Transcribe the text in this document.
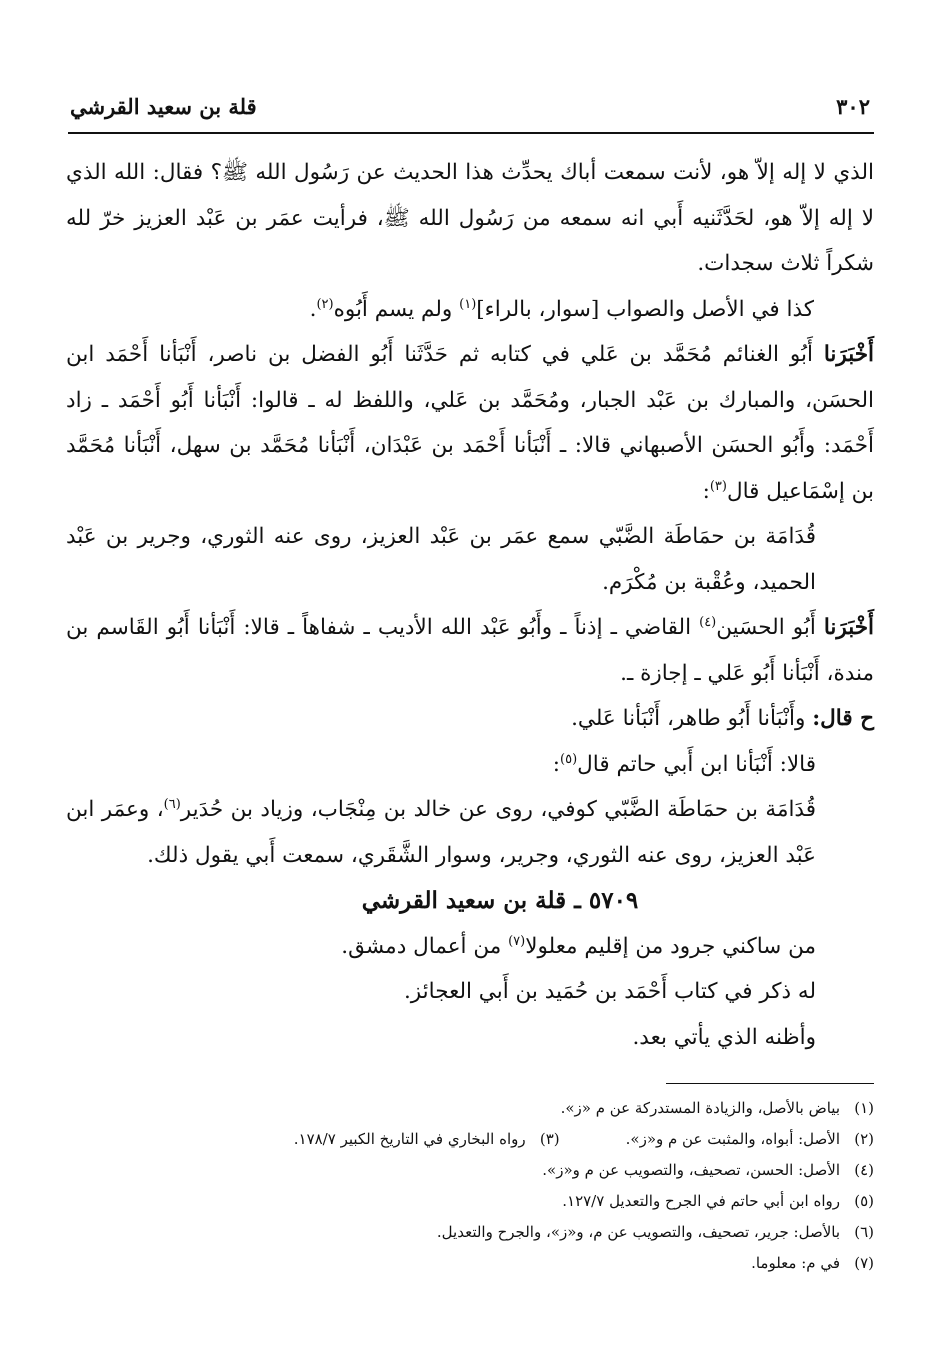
٣٠٢
قلة بن سعيد القرشي

الذي لا إله إلاّ هو، لأنت سمعت أباك يحدِّث هذا الحديث عن رَسُول الله ﷺ؟ فقال: الله الذي لا إله إلاّ هو، لحَدَّثَنيه أَبي انه سمعه من رَسُول الله ﷺ، فرأيت عمَر بن عَبْد العزيز خرّ لله شكراً ثلاث سجدات.

كذا في الأصل والصواب [سوار، بالراء]$^{(١)}$ ولم يسم أَبُوه$^{(٢)}$.

أَخْبَرَنا أَبُو الغنائم مُحَمَّد بن عَلي في كتابه ثم حَدَّثَنا أَبُو الفضل بن ناصر، أَنْبَأنا أَحْمَد ابن الحسَن، والمبارك بن عَبْد الجبار، ومُحَمَّد بن عَلي، واللفظ له ـ قالوا: أَنْبَأنا أَبُو أَحْمَد ـ زاد أَحْمَد: وأَبُو الحسَن الأصبهاني قالا: ـ أَنْبَأنا أَحْمَد بن عَبْدَان، أَنْبَأنا مُحَمَّد بن سهل، أَنْبَأنا مُحَمَّد بن إسْمَاعيل قال$^{(٣)}$:

قُدَامَة بن حمَاطَة الضَّبّي سمع عمَر بن عَبْد العزيز، روى عنه الثوري، وجرير بن عَبْد الحميد، وعُقْبة بن مُكْرَم.

أَخْبَرَنا أَبُو الحسَين$^{(٤)}$ القاضي ـ إذناً ـ وأَبُو عَبْد الله الأديب ـ شفاهاً ـ قالا: أَنْبَأنا أَبُو القَاسم بن مندة، أَنْبَأنا أَبُو عَلي ـ إجازة ـ.

ح قال: وأَنْبَأنا أَبُو طاهر، أَنْبَأنا عَلي.

قالا: أَنْبَأنا ابن أَبي حاتم قال$^{(٥)}$:

قُدَامَة بن حمَاطَة الضَّبّي كوفي، روى عن خالد بن مِنْجَاب، وزياد بن حُدَير$^{(٦)}$، وعمَر ابن عَبْد العزيز، روى عنه الثوري، وجرير، وسوار الشَّقَري، سمعت أَبي يقول ذلك.

٥٧٠٩ ـ قلة بن سعيد القرشي

من ساكني جرود من إقليم معلولا$^{(٧)}$ من أعمال دمشق.

له ذكر في كتاب أَحْمَد بن حُمَيد بن أَبي العجائز.

وأظنه الذي يأتي بعد.

(١)
بياض بالأصل، والزيادة المستدركة عن م «ز».
(٢)
الأصل: أبواه، والمثبت عن م و«ز».
(٣)
رواه البخاري في التاريخ الكبير ١٧٨/٧.
(٤)
الأصل: الحسن، تصحيف، والتصويب عن م و«ز».
(٥)
رواه ابن أبي حاتم في الجرح والتعديل ١٢٧/٧.
(٦)
بالأصل: جرير، تصحيف، والتصويب عن م، و«ز»، والجرح والتعديل.
(٧)
في م: معلوما.
